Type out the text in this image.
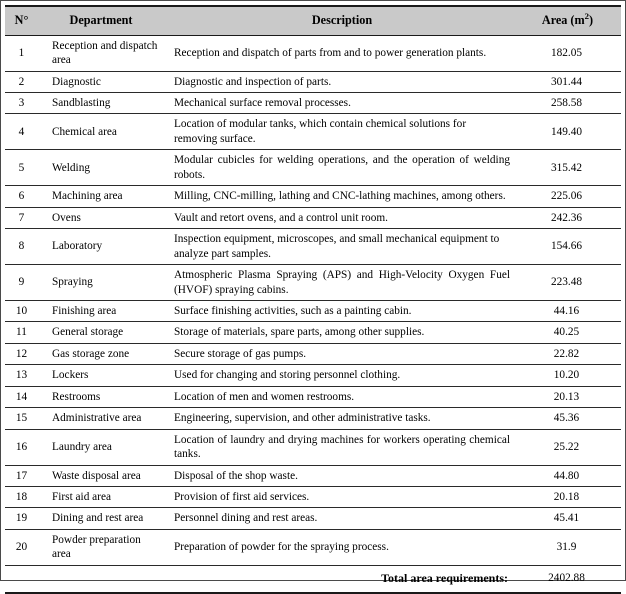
N°	Department	Description	Area $(m^2)$
1	Reception and dispatch area	Reception and dispatch of parts from and to power generation plants.	182.05
2	Diagnostic	Diagnostic and inspection of parts.	301.44
3	Sandblasting	Mechanical surface removal processes.	258.58
4	Chemical area	Location of modular tanks, which contain chemical solutions for removing surface.	149.40
5	Welding	Modular cubicles for welding operations, and the operation of welding robots.	315.42
6	Machining area	Milling, CNC-milling, lathing and CNC-lathing machines, among others.	225.06
7	Ovens	Vault and retort ovens, and a control unit room.	242.36
8	Laboratory	Inspection equipment, microscopes, and small mechanical equipment to analyze part samples.	154.66
9	Spraying	Atmospheric Plasma Spraying (APS) and High-Velocity Oxygen Fuel (HVOF) spraying cabins.	223.48
10	Finishing area	Surface finishing activities, such as a painting cabin.	44.16
11	General storage	Storage of materials, spare parts, among other supplies.	40.25
12	Gas storage zone	Secure storage of gas pumps.	22.82
13	Lockers	Used for changing and storing personnel clothing.	10.20
14	Restrooms	Location of men and women restrooms.	20.13
15	Administrative area	Engineering, supervision, and other administrative tasks.	45.36
16	Laundry area	Location of laundry and drying machines for workers operating chemical tanks.	25.22
17	Waste disposal area	Disposal of the shop waste.	44.80
18	First aid area	Provision of first aid services.	20.18
19	Dining and rest area	Personnel dining and rest areas.	45.41
20	Powder preparation area	Preparation of powder for the spraying process.	31.9
		Total area requirements:	2402.88
